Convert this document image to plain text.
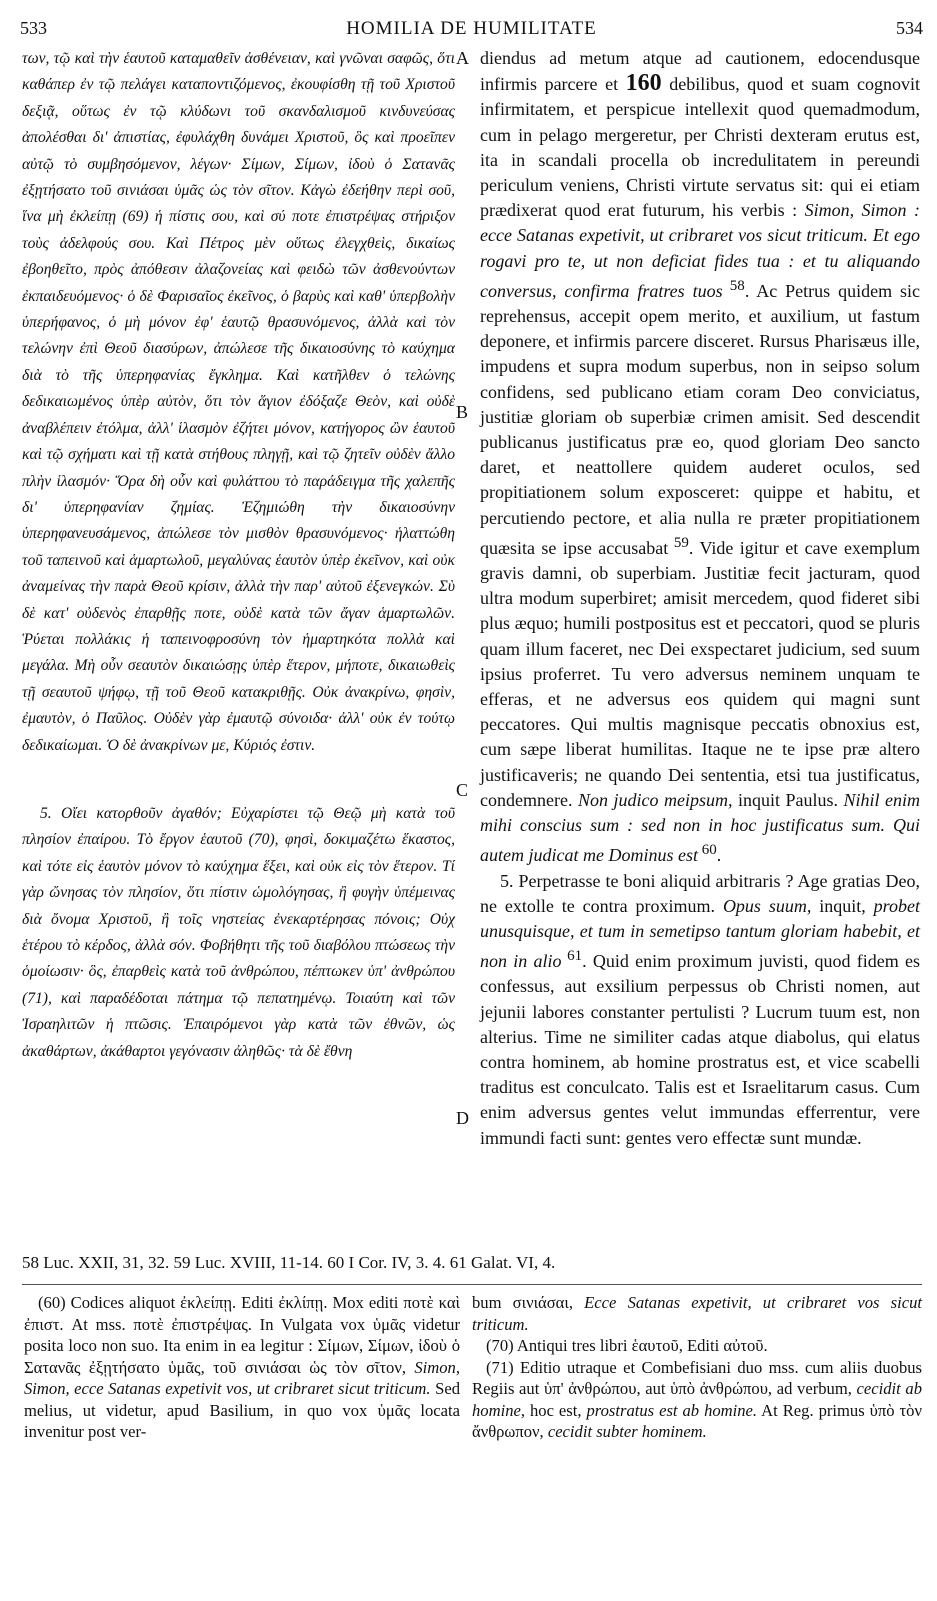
533	HOMILIA DE HUMILITATE	534

των, τῷ καὶ τὴν ἑαυτοῦ καταμαθεῖν ἀσθένειαν, καὶ γνῶναι σαφῶς, ὅτι καθάπερ ἐν τῷ πελάγει καταποντιζόμενος, ἐκουφίσθη τῇ τοῦ Χριστοῦ δεξιᾷ, οὕτως ἐν τῷ κλύδωνι τοῦ σκανδαλισμοῦ κινδυνεύσας ἀπολέσθαι δι' ἀπιστίας, ἐφυλάχθη δυνάμει Χριστοῦ, ὃς καὶ προεῖπεν αὐτῷ τὸ συμβησόμενον, λέγων· Σίμων, Σίμων, ἰδοὺ ὁ Σατανᾶς ἐξῃτήσατο τοῦ σινιάσαι ὑμᾶς ὡς τὸν σῖτον. Κἀγὼ ἐδεήθην περὶ σοῦ, ἵνα μὴ ἐκλείπῃ (69) ἡ πίστις σου, καὶ σύ ποτε ἐπιστρέψας στήριξον τοὺς ἀδελφούς σου. Καὶ Πέτρος μὲν οὕτως ἐλεγχθεὶς, δικαίως ἐβοηθεῖτο, πρὸς ἀπόθεσιν ἀλαζονείας καὶ φειδὼ τῶν ἀσθενούντων ἐκπαιδευόμενος· ὁ δὲ Φαρισαῖος ἐκεῖνος, ὁ βαρὺς καὶ καθ' ὑπερβολὴν ὑπερήφανος, ὁ μὴ μόνον ἐφ' ἑαυτῷ θρασυνόμενος, ἀλλὰ καὶ τὸν τελώνην ἐπὶ Θεοῦ διασύρων, ἀπώλεσε τῆς δικαιοσύνης τὸ καύχημα διὰ τὸ τῆς ὑπερηφανίας ἔγκλημα. Καὶ κατῆλθεν ὁ τελώνης δεδικαιωμένος ὑπὲρ αὐτὸν, ὅτι τὸν ἅγιον ἐδόξαζε Θεὸν, καὶ οὐδὲ ἀναβλέπειν ἐτόλμα, ἀλλ' ἱλασμὸν ἐζήτει μόνον, κατήγορος ὢν ἑαυτοῦ καὶ τῷ σχήματι καὶ τῇ κατὰ στήθους πληγῇ, καὶ τῷ ζητεῖν οὐδὲν ἄλλο πλὴν ἱλασμόν· Ὅρα δὴ οὖν καὶ φυλάττου τὸ παράδειγμα τῆς χαλεπῆς δι' ὑπερηφανίαν ζημίας. Ἐζημιώθη τὴν δικαιοσύνην ὑπερηφανευσάμενος, ἀπώλεσε τὸν μισθὸν θρασυνόμενος· ἡλαττώθη τοῦ ταπεινοῦ καὶ ἁμαρτωλοῦ, μεγαλύνας ἑαυτὸν ὑπὲρ ἐκεῖνον, καὶ οὐκ ἀναμείνας τὴν παρὰ Θεοῦ κρίσιν, ἀλλὰ τὴν παρ' αὐτοῦ ἐξενεγκών. Σὺ δὲ κατ' οὐδενὸς ἐπαρθῇς ποτε, οὐδὲ κατὰ τῶν ἄγαν ἁμαρτωλῶν. Ῥύεται πολλάκις ἡ ταπεινοφροσύνη τὸν ἡμαρτηκότα πολλὰ καὶ μεγάλα. Μὴ οὖν σεαυτὸν δικαιώσῃς ὑπὲρ ἕτερον, μήποτε, δικαιωθεὶς τῇ σεαυτοῦ ψήφῳ, τῇ τοῦ Θεοῦ κατακριθῇς. Οὐκ ἀνακρίνω, φησὶν, ἐμαυτὸν, ὁ Παῦλος. Οὐδὲν γὰρ ἐμαυτῷ σύνοιδα· ἀλλ' οὐκ ἐν τούτῳ δεδικαίωμαι. Ὁ δὲ ἀνακρίνων με, Κύριός ἐστιν.

5. Οἴει κατορθοῦν ἀγαθόν; Εὐχαρίστει τῷ Θεῷ μὴ κατὰ τοῦ πλησίον ἐπαίρου. Τὸ ἔργον ἑαυτοῦ (70), φησὶ, δοκιμαζέτω ἕκαστος, καὶ τότε εἰς ἑαυτὸν μόνον τὸ καύχημα ἕξει, καὶ οὐκ εἰς τὸν ἕτερον. Τί γὰρ ὤνησας τὸν πλησίον, ὅτι πίστιν ὡμολόγησας, ἢ φυγὴν ὑπέμεινας διὰ ὄνομα Χριστοῦ, ἢ τοῖς νηστείας ἐνεκαρτέρησας πόνοις; Οὐχ ἑτέρου τὸ κέρδος, ἀλλὰ σόν. Φοβήθητι τῆς τοῦ διαβόλου πτώσεως τὴν ὁμοίωσιν· ὃς, ἐπαρθεὶς κατὰ τοῦ ἀνθρώπου, πέπτωκεν ὑπ' ἀνθρώπου (71), καὶ παραδέδοται πάτημα τῷ πεπατημένῳ. Τοιαύτη καὶ τῶν Ἰσραηλιτῶν ἡ πτῶσις. Ἐπαιρόμενοι γὰρ κατὰ τῶν ἐθνῶν, ὡς ἀκαθάρτων, ἀκάθαρτοι γεγόνασιν ἀληθῶς· τὰ δὲ ἔθνη

A
B
C
D

diendus ad metum atque ad cautionem, edocendusque infirmis parcere et 160 debilibus, quod et suam cognovit infirmitatem, et perspicue intellexit quod quemadmodum, cum in pelago mergeretur, per Christi dexteram erutus est, ita in scandali procella ob incredulitatem in pereundi periculum veniens, Christi virtute servatus sit: qui ei etiam prædixerat quod erat futurum, his verbis : Simon, Simon : ecce Satanas expetivit, ut cribraret vos sicut triticum. Et ego rogavi pro te, ut non deficiat fides tua : et tu aliquando conversus, confirma fratres tuos $^{58}$. Ac Petrus quidem sic reprehensus, accepit opem merito, et auxilium, ut fastum deponere, et infirmis parcere disceret. Rursus Pharisæus ille, impudens et supra modum superbus, non in seipso solum confidens, sed publicano etiam coram Deo conviciatus, justitiæ gloriam ob superbiæ crimen amisit. Sed descendit publicanus justificatus præ eo, quod gloriam Deo sancto daret, et neattollere quidem auderet oculos, sed propitiationem solum exposceret: quippe et habitu, et percutiendo pectore, et alia nulla re præter propitiationem quæsita se ipse accusabat $^{59}$. Vide igitur et cave exemplum gravis damni, ob superbiam. Justitiæ fecit jacturam, quod ultra modum superbiret; amisit mercedem, quod fideret sibi plus æquo; humili postpositus est et peccatori, quod se pluris quam illum faceret, nec Dei exspectaret judicium, sed suum ipsius proferret. Tu vero adversus neminem unquam te efferas, et ne adversus eos quidem qui magni sunt peccatores. Qui multis magnisque peccatis obnoxius est, cum sæpe liberat humilitas. Itaque ne te ipse præ altero justificaveris; ne quando Dei sententia, etsi tua justificatus, condemnere. Non judico meipsum, inquit Paulus. Nihil enim mihi conscius sum : sed non in hoc justificatus sum. Qui autem judicat me Dominus est $^{60}$.

5. Perpetrasse te boni aliquid arbitraris ? Age gratias Deo, ne extolle te contra proximum. Opus suum, inquit, probet unusquisque, et tum in semetipso tantum gloriam habebit, et non in alio $^{61}$. Quid enim proximum juvisti, quod fidem es confessus, aut exsilium perpessus ob Christi nomen, aut jejunii labores constanter pertulisti ? Lucrum tuum est, non alterius. Time ne similiter cadas atque diabolus, qui elatus contra hominem, ab homine prostratus est, et vice scabelli traditus est conculcato. Talis est et Israelitarum casus. Cum enim adversus gentes velut immundas efferrentur, vere immundi facti sunt: gentes vero effectæ sunt mundæ.

58 Luc. XXII, 31, 32. 59 Luc. XVIII, 11-14. 60 I Cor. IV, 3. 4. 61 Galat. VI, 4.

(60) Codices aliquot ἐκλείπῃ. Editi ἐκλίπῃ. Mox editi ποτὲ καὶ ἐπιστ. At mss. ποτὲ ἐπιστρέψας. In Vulgata vox ὑμᾶς videtur posita loco non suo. Ita enim in ea legitur : Σίμων, Σίμων, ἰδοὺ ὁ Σατανᾶς ἐξῃτήσατο ὑμᾶς, τοῦ σινιάσαι ὡς τὸν σῖτον, Simon, Simon, ecce Satanas expetivit vos, ut cribraret sicut triticum. Sed melius, ut videtur, apud Basilium, in quo vox ὑμᾶς locata invenitur post ver-

bum σινιάσαι, Ecce Satanas expetivit, ut cribraret vos sicut triticum.

(70) Antiqui tres libri ἑαυτοῦ, Editi αὐτοῦ.

(71) Editio utraque et Combefisiani duo mss. cum aliis duobus Regiis aut ὑπ' ἀνθρώπου, aut ὑπὸ ἀνθρώπου, ad verbum, cecidit ab homine, hoc est, prostratus est ab homine. At Reg. primus ὑπὸ τὸν ἄνθρωπον, cecidit subter hominem.
